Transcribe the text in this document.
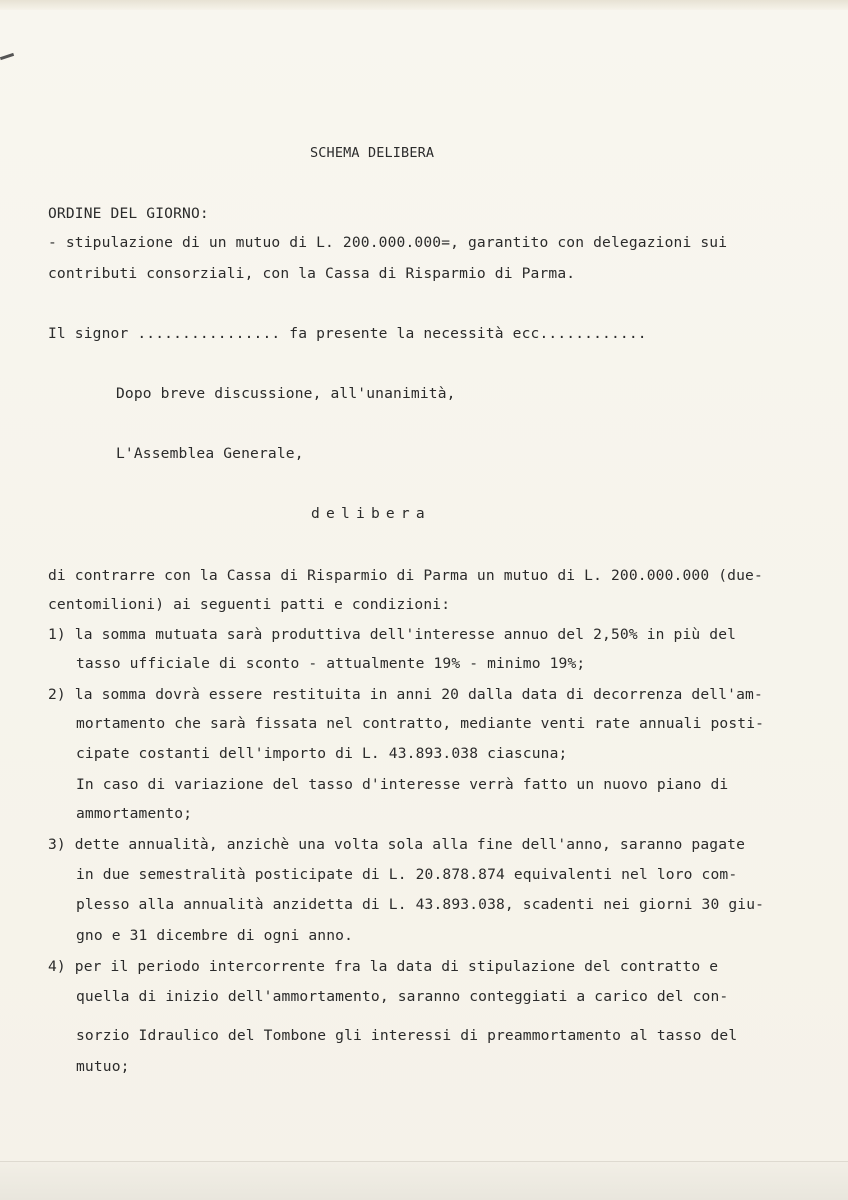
SCHEMA DELIBERA
ORDINE DEL GIORNO:
- stipulazione di un mutuo di L. 200.000.000=, garantito con delegazioni sui
contributi consorziali, con la Cassa di Risparmio di Parma.
Il signor ................ fa presente la necessità ecc............
Dopo breve discussione, all'unanimità,
L'Assemblea Generale,
delibera
di contrarre con la Cassa di Risparmio di Parma un mutuo di L. 200.000.000 (due-
centomilioni) ai seguenti patti e condizioni:
1) la somma mutuata sarà produttiva dell'interesse annuo del 2,50% in più del
tasso ufficiale di sconto - attualmente 19% - minimo 19%;
2) la somma dovrà essere restituita in anni 20 dalla data di decorrenza dell'am-
mortamento che sarà fissata nel contratto, mediante venti rate annuali posti-
cipate costanti dell'importo di L. 43.893.038 ciascuna;
In caso di variazione del tasso d'interesse verrà fatto un nuovo piano di
ammortamento;
3) dette annualità, anzichè una volta sola alla fine dell'anno, saranno pagate
in due semestralità posticipate di L. 20.878.874 equivalenti nel loro com-
plesso alla annualità anzidetta di L. 43.893.038, scadenti nei giorni 30 giu-
gno e 31 dicembre di ogni anno.
4) per il periodo intercorrente fra la data di stipulazione del contratto e
quella di inizio dell'ammortamento, saranno conteggiati a carico del con-
sorzio Idraulico del Tombone gli interessi di preammortamento al tasso del
mutuo;
